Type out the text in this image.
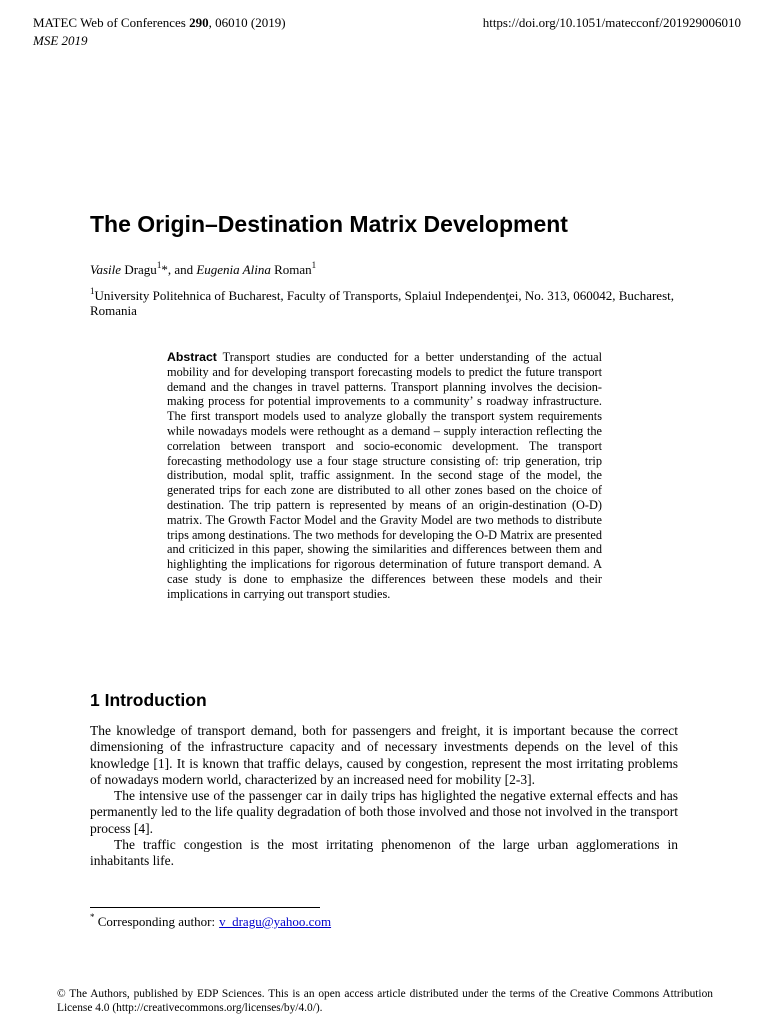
MATEC Web of Conferences 290, 06010 (2019)	https://doi.org/10.1051/matecconf/201929006010
MSE 2019
The Origin–Destination Matrix Development
Vasile Dragu$^1$*, and Eugenia Alina Roman$^1$
$^1$University Politehnica of Bucharest, Faculty of Transports, Splaiul Independenţei, No. 313, 060042, Bucharest, Romania
Abstract Transport studies are conducted for a better understanding of the actual mobility and for developing transport forecasting models to predict the future transport demand and the changes in travel patterns. Transport planning involves the decision-making process for potential improvements to a community’ s roadway infrastructure. The first transport models used to analyze globally the transport system requirements while nowadays models were rethought as a demand – supply interaction reflecting the correlation between transport and socio-economic development. The transport forecasting methodology use a four stage structure consisting of: trip generation, trip distribution, modal split, traffic assignment. In the second stage of the model, the generated trips for each zone are distributed to all other zones based on the choice of destination. The trip pattern is represented by means of an origin-destination (O-D) matrix. The Growth Factor Model and the Gravity Model are two methods to distribute trips among destinations. The two methods for developing the O-D Matrix are presented and criticized in this paper, showing the similarities and differences between them and highlighting the implications for rigorous determination of future transport demand. A case study is done to emphasize the differences between these models and their implications in carrying out transport studies.
1 Introduction

The knowledge of transport demand, both for passengers and freight, it is important because the correct dimensioning of the infrastructure capacity and of necessary investments depends on the level of this knowledge [1]. It is known that traffic delays, caused by congestion, represent the most irritating problems of nowadays modern world, characterized by an increased need for mobility [2-3].

The intensive use of the passenger car in daily trips has higlighted the negative external effects and has permanently led to the life quality degradation of both those involved and those not involved in the transport process [4].

The traffic congestion is the most irritating phenomenon of the large urban agglomerations in inhabitants life.

* Corresponding author: v_dragu@yahoo.com
© The Authors, published by EDP Sciences. This is an open access article distributed under the terms of the Creative Commons Attribution License 4.0 (http://creativecommons.org/licenses/by/4.0/).
